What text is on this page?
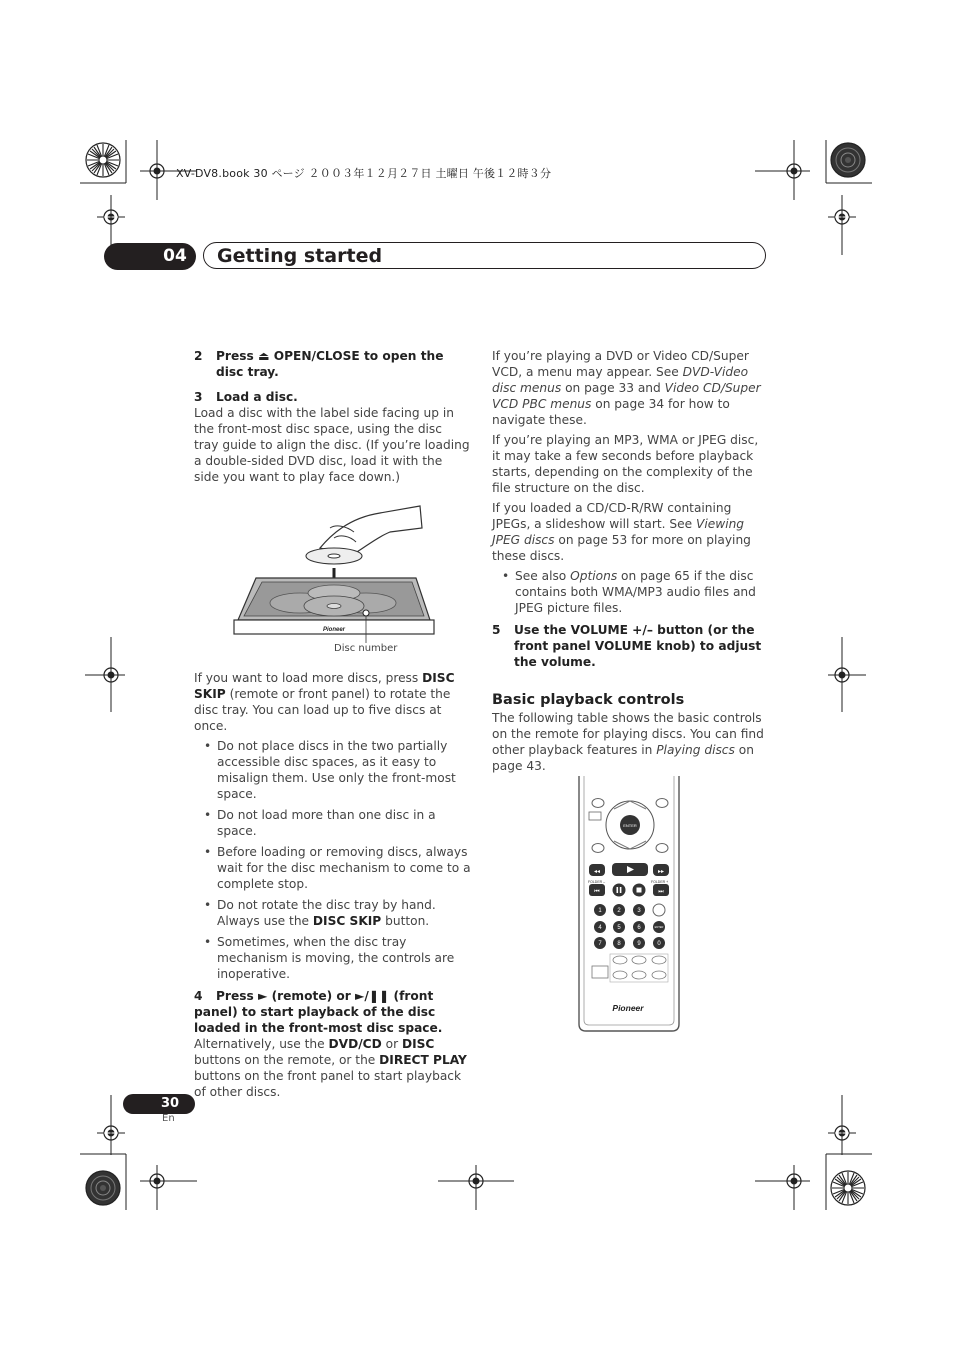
XV-DV8.book 30 ページ ２００３年１２月２７日 土曜日 午後１２時３分
04 Getting started

2	Press ⏏ OPEN/CLOSE to open the disc tray.

3 Load a disc.

Load a disc with the label side facing up in the front-most disc space, using the disc tray guide to align the disc. (If you’re loading a double-sided DVD disc, load it with the side you want to play face down.)

Pioneer
Disc number

If you want to load more discs, press DISC SKIP (remote or front panel) to rotate the disc tray. You can load up to five discs at once.

• Do not place discs in the two partially accessible disc spaces, as it easy to misalign them. Use only the front-most space.
• Do not load more than one disc in a space.
• Before loading or removing discs, always wait for the disc mechanism to come to a complete stop.
• Do not rotate the disc tray by hand. Always use the DISC SKIP button.
• Sometimes, when the disc tray mechanism is moving, the controls are inoperative.

4 Press ► (remote) or ►/❚❚ (front panel) to start playback of the disc loaded in the front-most disc space.

Alternatively, use the DVD/CD or DISC buttons on the remote, or the DIRECT PLAY buttons on the front panel to start playback of other discs.

If you’re playing a DVD or Video CD/Super VCD, a menu may appear. See DVD-Video disc menus on page 33 and Video CD/Super VCD PBC menus on page 34 for how to navigate these.

If you’re playing an MP3, WMA or JPEG disc, it may take a few seconds before playback starts, depending on the complexity of the file structure on the disc.

If you loaded a CD/CD-R/RW containing JPEGs, a slideshow will start. See Viewing JPEG discs on page 53 for more on playing these discs.

• See also Options on page 65 if the disc contains both WMA/MP3 audio files and JPEG picture files.

5	Use the VOLUME +/– button (or the front panel VOLUME knob) to adjust the volume.

Basic playback controls

The following table shows the basic controls on the remote for playing discs. You can find other playback features in Playing discs on page 43.

ENTER
◂◂	▸▸
FOLDER –	FOLDER +
⏮	⏭
1	2	3
4	5	6	ENTER
7	8	9	0
Pioneer
30
En
